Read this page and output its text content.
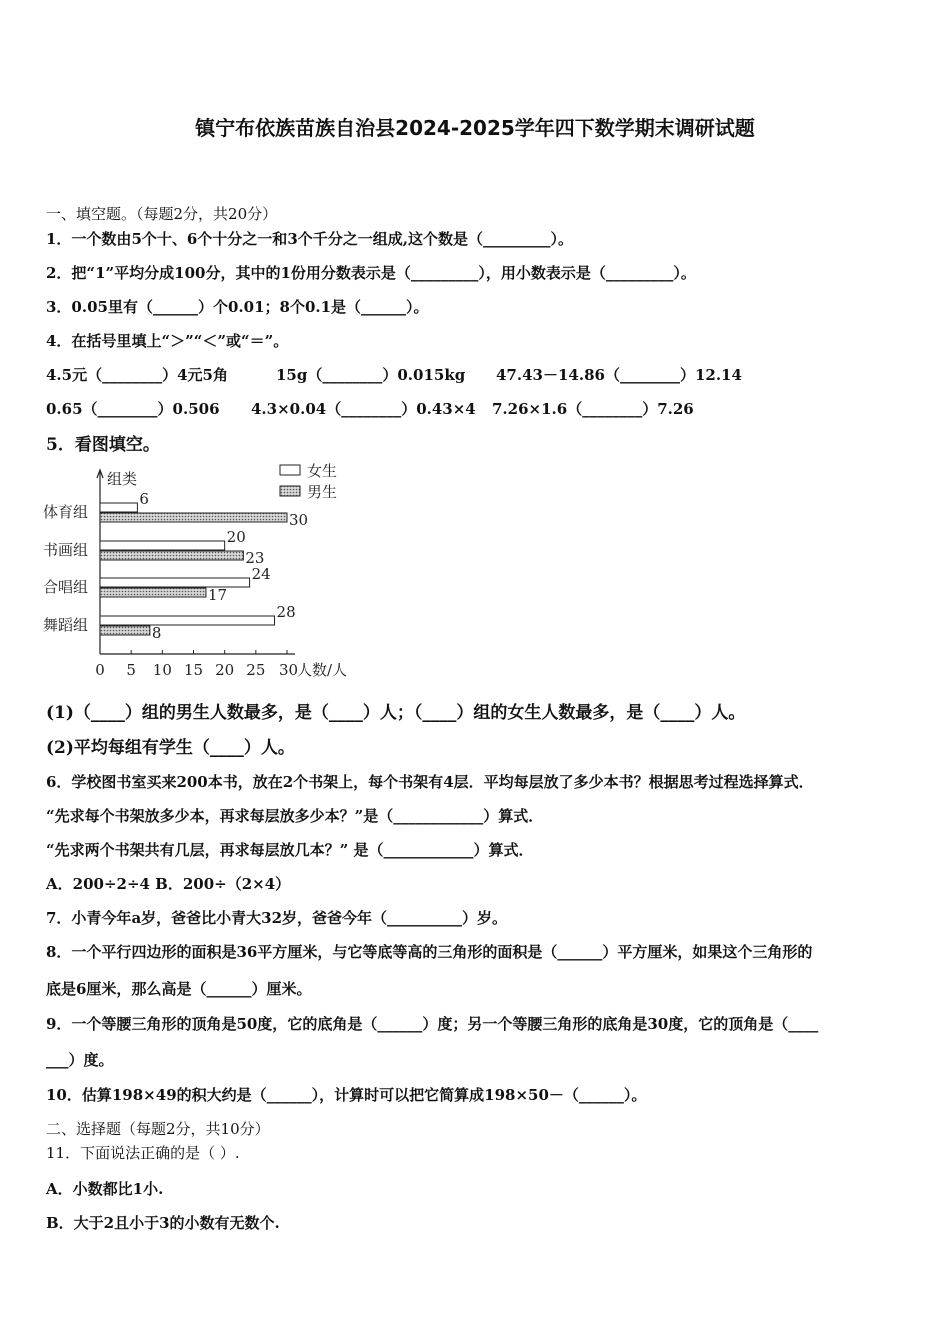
镇宁布依族苗族自治县2024-2025学年四下数学期末调研试题
一、填空题。（每题2分，共20分）
1．一个数由5个十、6个十分之一和3个千分之一组成,这个数是（_________）。
2．把“1”平均分成100分，其中的1份用分数表示是（_________），用小数表示是（_________）。
3．0.05里有（______）个0.01；8个0.1是（______）。
4．在括号里填上“＞”“＜”或“＝”。
4.5元（________）4元5角	15g（________）0.015kg 47.43－14.86（________）12.14
0.65（________）0.506 4.3×0.04（________）0.43×4 7.26×1.6（________）7.26
5．看图填空。
组类
0 5 10 15 20 25 30
人数/人
体育组
6
30
书画组
20
23
合唱组
24
17
舞蹈组
28
8
女生
男生
(1)（____）组的男生人数最多，是（____）人；（____）组的女生人数最多，是（____）人。
(2)平均每组有学生（____）人。
6．学校图书室买来200本书，放在2个书架上，每个书架有4层．平均每层放了多少本书？根据思考过程选择算式．
“先求每个书架放多少本，再求每层放多少本？”是（____________）算式．
“先求两个书架共有几层，再求每层放几本？” 是（____________）算式．
A．200÷2÷4 B．200÷（2×4）
7．小青今年a岁，爸爸比小青大32岁，爸爸今年（__________）岁。
8．一个平行四边形的面积是36平方厘米，与它等底等高的三角形的面积是（______）平方厘米，如果这个三角形的
底是6厘米，那么高是（______）厘米。
9．一个等腰三角形的顶角是50度，它的底角是（______）度；另一个等腰三角形的底角是30度，它的顶角是（____
___）度。
10．估算198×49的积大约是（______），计算时可以把它简算成198×50－（______）。
二、选择题（每题2分，共10分）
11．下面说法正确的是（ ）.
A．小数都比1小.
B．大于2且小于3的小数有无数个.
